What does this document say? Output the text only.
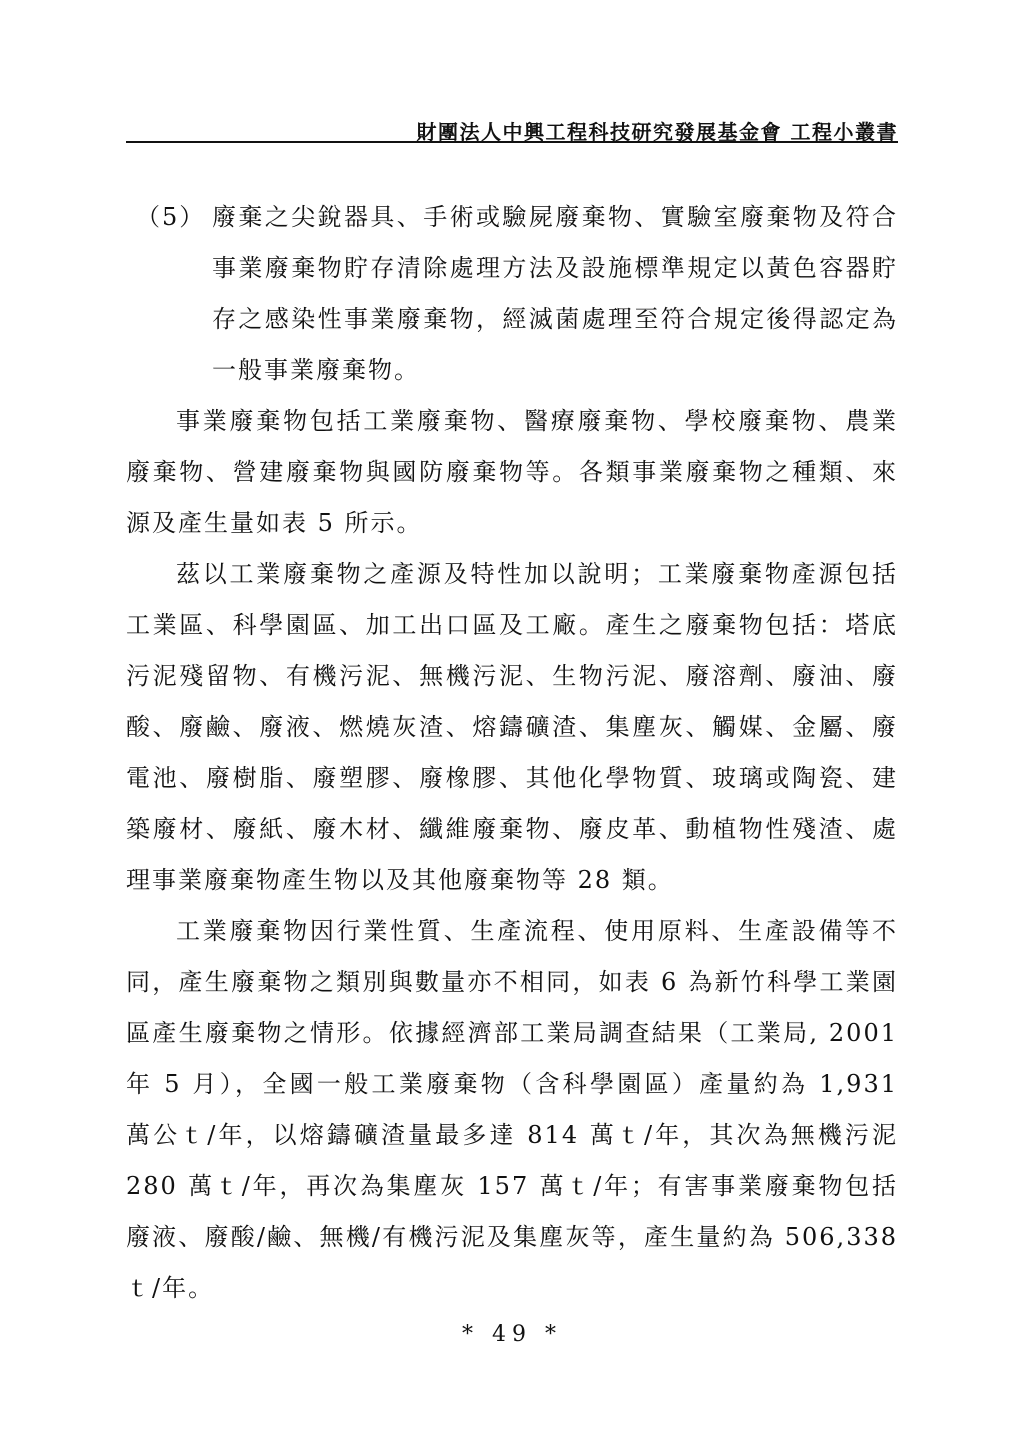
財團法人中興工程科技研究發展基金會 工程小叢書
（5） 廢棄之尖銳器具、手術或驗屍廢棄物、實驗室廢棄物及符合事業廢棄物貯存清除處理方法及設施標準規定以黃色容器貯存之感染性事業廢棄物，經滅菌處理至符合規定後得認定為一般事業廢棄物。

事業廢棄物包括工業廢棄物、醫療廢棄物、學校廢棄物、農業廢棄物、營建廢棄物與國防廢棄物等。各類事業廢棄物之種類、來源及產生量如表 5 所示。

茲以工業廢棄物之產源及特性加以說明；工業廢棄物產源包括工業區、科學園區、加工出口區及工廠。產生之廢棄物包括：塔底污泥殘留物、有機污泥、無機污泥、生物污泥、廢溶劑、廢油、廢酸、廢鹼、廢液、燃燒灰渣、熔鑄礦渣、集塵灰、觸媒、金屬、廢電池、廢樹脂、廢塑膠、廢橡膠、其他化學物質、玻璃或陶瓷、建築廢材、廢紙、廢木材、纖維廢棄物、廢皮革、動植物性殘渣、處理事業廢棄物產生物以及其他廢棄物等 28 類。

工業廢棄物因行業性質、生產流程、使用原料、生產設備等不同，產生廢棄物之類別與數量亦不相同，如表 6 為新竹科學工業園區產生廢棄物之情形。依據經濟部工業局調查結果（工業局, 2001 年 5 月），全國一般工業廢棄物（含科學園區）產量約為 1,931 萬公ｔ/年，以熔鑄礦渣量最多達 814 萬ｔ/年，其次為無機污泥 280 萬ｔ/年，再次為集塵灰 157 萬ｔ/年；有害事業廢棄物包括廢液、廢酸/鹼、無機/有機污泥及集塵灰等，產生量約為 506,338ｔ/年。

* 49 *
